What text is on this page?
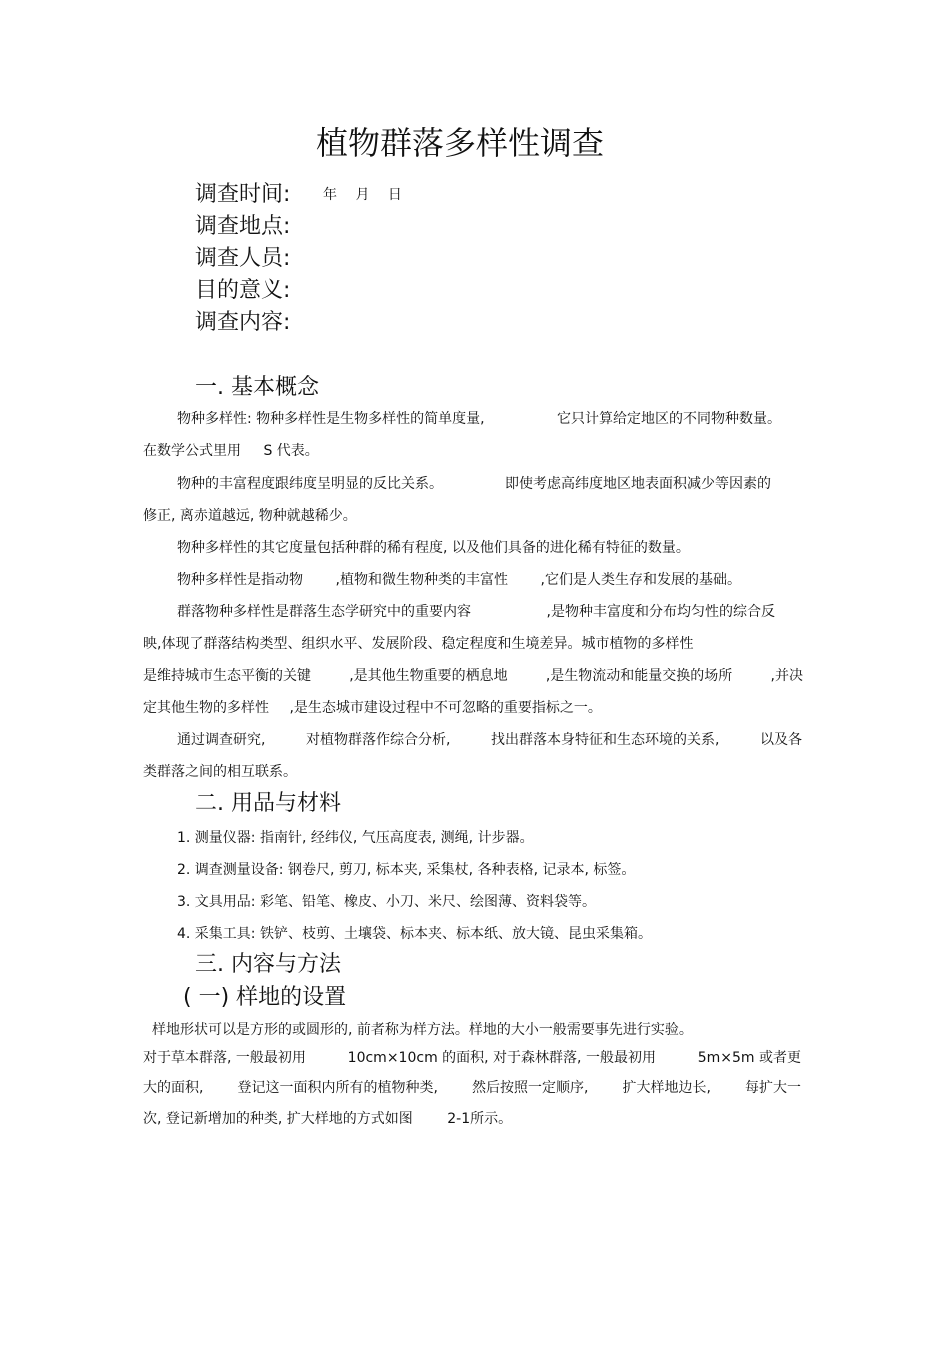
植物群落多样性调查
调查时间: 年 月 日
调查地点:
调查人员:
目的意义:
调查内容:
一. 基本概念
物种多样性: 物种多样性是生物多样性的简单度量,	它只计算给定地区的不同物种数量。
在数学公式里用 S 代表。
物种的丰富程度跟纬度呈明显的反比关系。	即使考虑高纬度地区地表面积减少等因素的
修正, 离赤道越远, 物种就越稀少。
物种多样性的其它度量包括种群的稀有程度, 以及他们具备的进化稀有特征的数量。
物种多样性是指动物 ,植物和微生物种类的丰富性 ,它们是人类生存和发展的基础。
群落物种多样性是群落生态学研究中的重要内容	,是物种丰富度和分布均匀性的综合反
映,体现了群落结构类型、组织水平、发展阶段、稳定程度和生境差异。城市植物的多样性
是维持城市生态平衡的关键	,是其他生物重要的栖息地	,是生物流动和能量交换的场所	,并决
定其他生物的多样性 ,是生态城市建设过程中不可忽略的重要指标之一。
通过调查研究,	对植物群落作综合分析,	找出群落本身特征和生态环境的关系,	以及各
类群落之间的相互联系。
二. 用品与材料
1. 测量仪器: 指南针, 经纬仪, 气压高度表, 测绳, 计步器。
2. 调查测量设备: 钢卷尺, 剪刀, 标本夹, 采集杖, 各种表格, 记录本, 标签。
3. 文具用品: 彩笔、铅笔、橡皮、小刀、米尺、绘图薄、资料袋等。
4. 采集工具: 铁铲、枝剪、土壤袋、标本夹、标本纸、放大镜、昆虫采集箱。
三. 内容与方法
( 一) 样地的设置
样地形状可以是方形的或圆形的, 前者称为样方法。样地的大小一般需要事先进行实验。
对于草本群落, 一般最初用	10cm×10cm 的面积, 对于森林群落, 一般最初用	5m×5m 或者更
大的面积, 登记这一面积内所有的植物种类, 然后按照一定顺序, 扩大样地边长, 每扩大一
次, 登记新增加的种类, 扩大样地的方式如图 2-1所示。
